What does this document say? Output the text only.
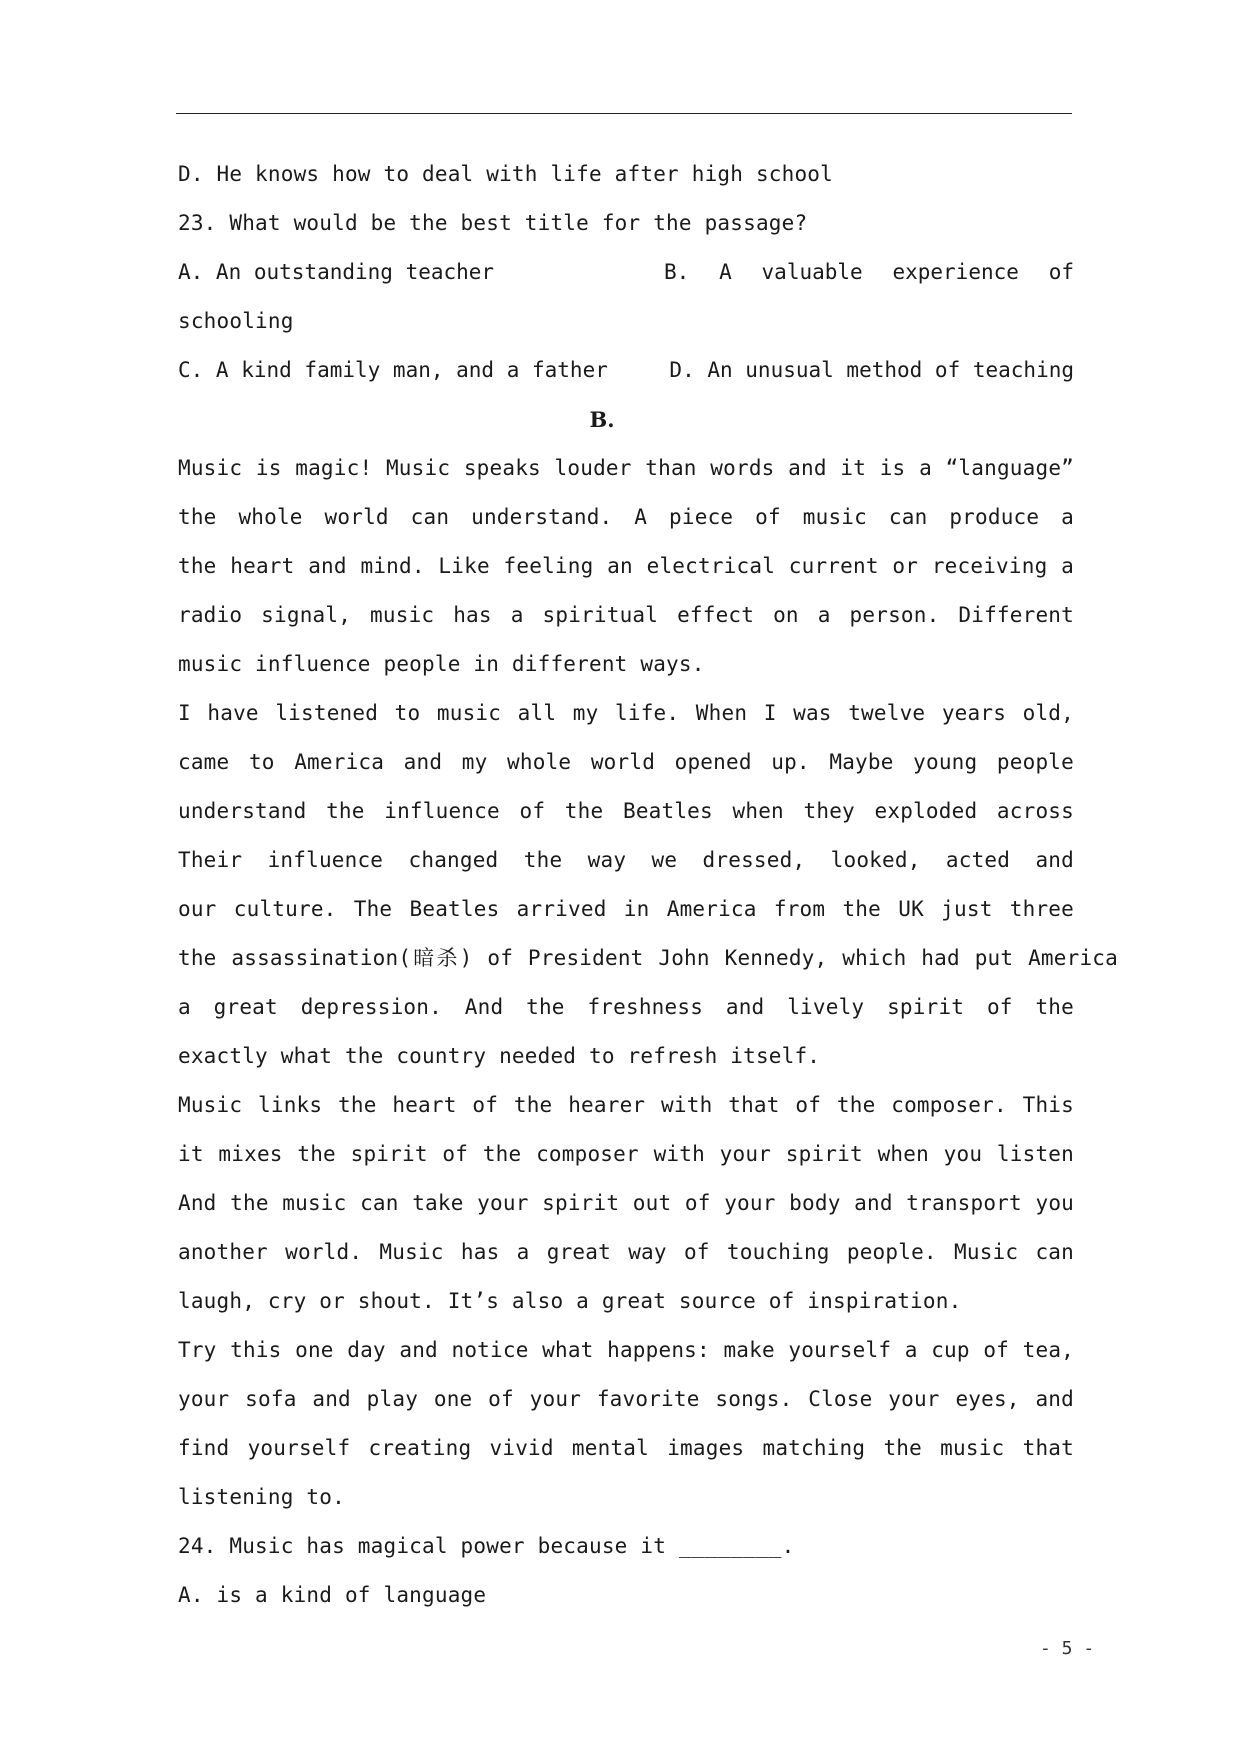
D. He knows how to deal with life after high school
23. What would be the best title for the passage?
A. An outstanding teacher	B. A valuable experience of
schooling
C. A kind family man, and a father	D. An unusual method of teaching
B.
Music is magic! Music speaks louder than words and it is a “language”
the whole world can understand. A piece of music can produce a
the heart and mind. Like feeling an electrical current or receiving a
radio signal, music has a spiritual effect on a person. Different
music influence people in different ways.
I have listened to music all my life. When I was twelve years old,
came to America and my whole world opened up. Maybe young people
understand the influence of the Beatles when they exploded across
Their influence changed the way we dressed, looked, acted and
our culture. The Beatles arrived in America from the UK just three
the assassination(暗杀) of President John Kennedy, which had put America
a great depression. And the freshness and lively spirit of the
exactly what the country needed to refresh itself.
Music links the heart of the hearer with that of the composer. This
it mixes the spirit of the composer with your spirit when you listen
And the music can take your spirit out of your body and transport you
another world. Music has a great way of touching people. Music can
laugh, cry or shout. It’s also a great source of inspiration.
Try this one day and notice what happens: make yourself a cup of tea,
your sofa and play one of your favorite songs. Close your eyes, and
find yourself creating vivid mental images matching the music that
listening to.
24. Music has magical power because it ________.
A. is a kind of language
- 5 -
